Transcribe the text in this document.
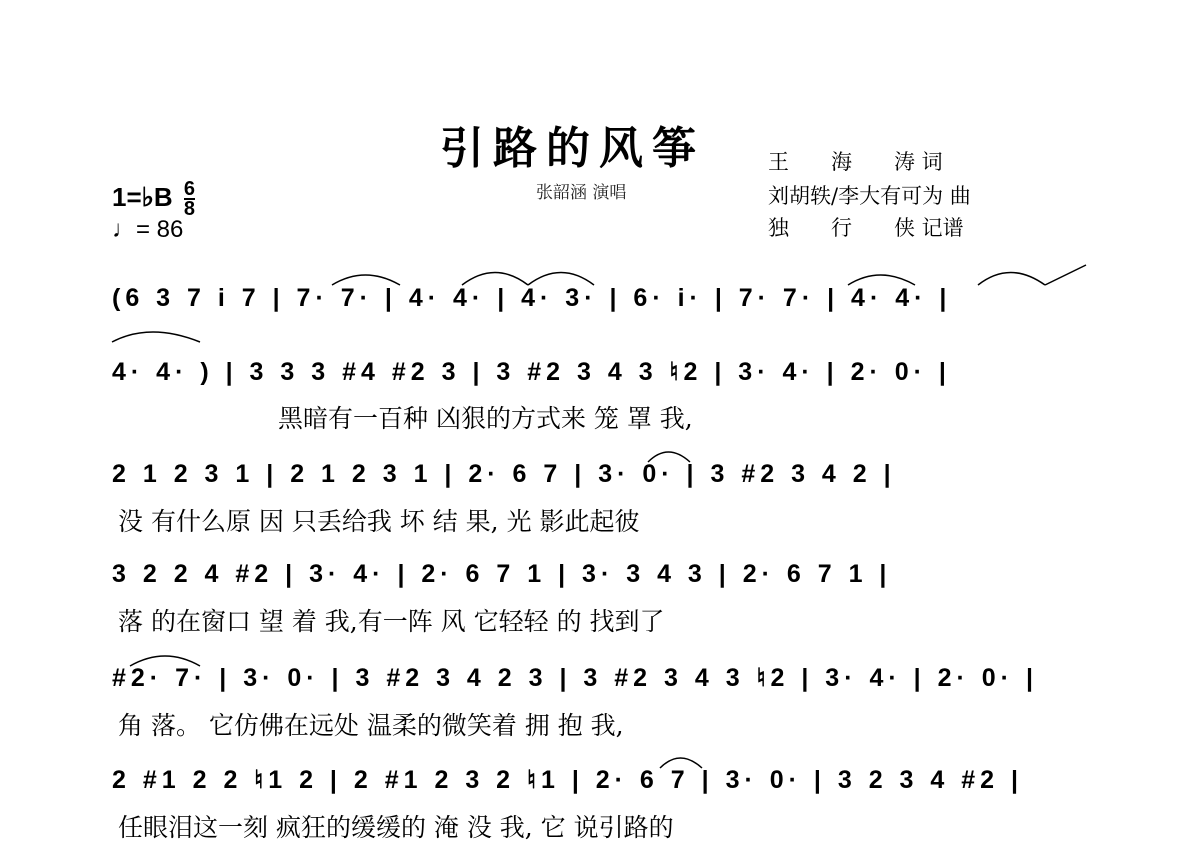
引路的风筝	王　　海　　涛 词
刘胡轶/李大有可为 曲
独　　行　　侠 记谱
张韶涵 演唱
1=♭B $\frac{6}{8}$
♩= 86
(6 3 7 i 7 | 7· 7· | 4· 4· | 4· 3· | 6· i· | 7· 7· | 4· 4· |
4· 4· ) | 3 3 3 #4 #2 3 | 3 #2 3 4 3 ♮2 | 3· 4· | 2· 0· |
黑暗有一百种 凶狠的方式来 笼 罩 我,
2 1 2 3 1 | 2 1 2 3 1 | 2· 6 7 | 3· 0· | 3 #2 3 4 2 |
没 有什么原 因 只丢给我 坏 结 果, 光 影此起彼
3 2 2 4 #2 | 3· 4· | 2· 6 7 1 | 3· 3 4 3 | 2· 6 7 1 |
落 的在窗口 望 着 我,有一阵 风 它轻轻 的 找到了
#2· 7· | 3· 0· | 3 #2 3 4 2 3 | 3 #2 3 4 3 ♮2 | 3· 4· | 2· 0· |
角 落。 它仿佛在远处 温柔的微笑着 拥 抱 我,
2 #1 2 2 ♮1 2 | 2 #1 2 3 2 ♮1 | 2· 6 7 | 3· 0· | 3 2 3 4 #2 |
任眼泪这一刻 疯狂的缓缓的 淹 没 我, 它 说引路的
